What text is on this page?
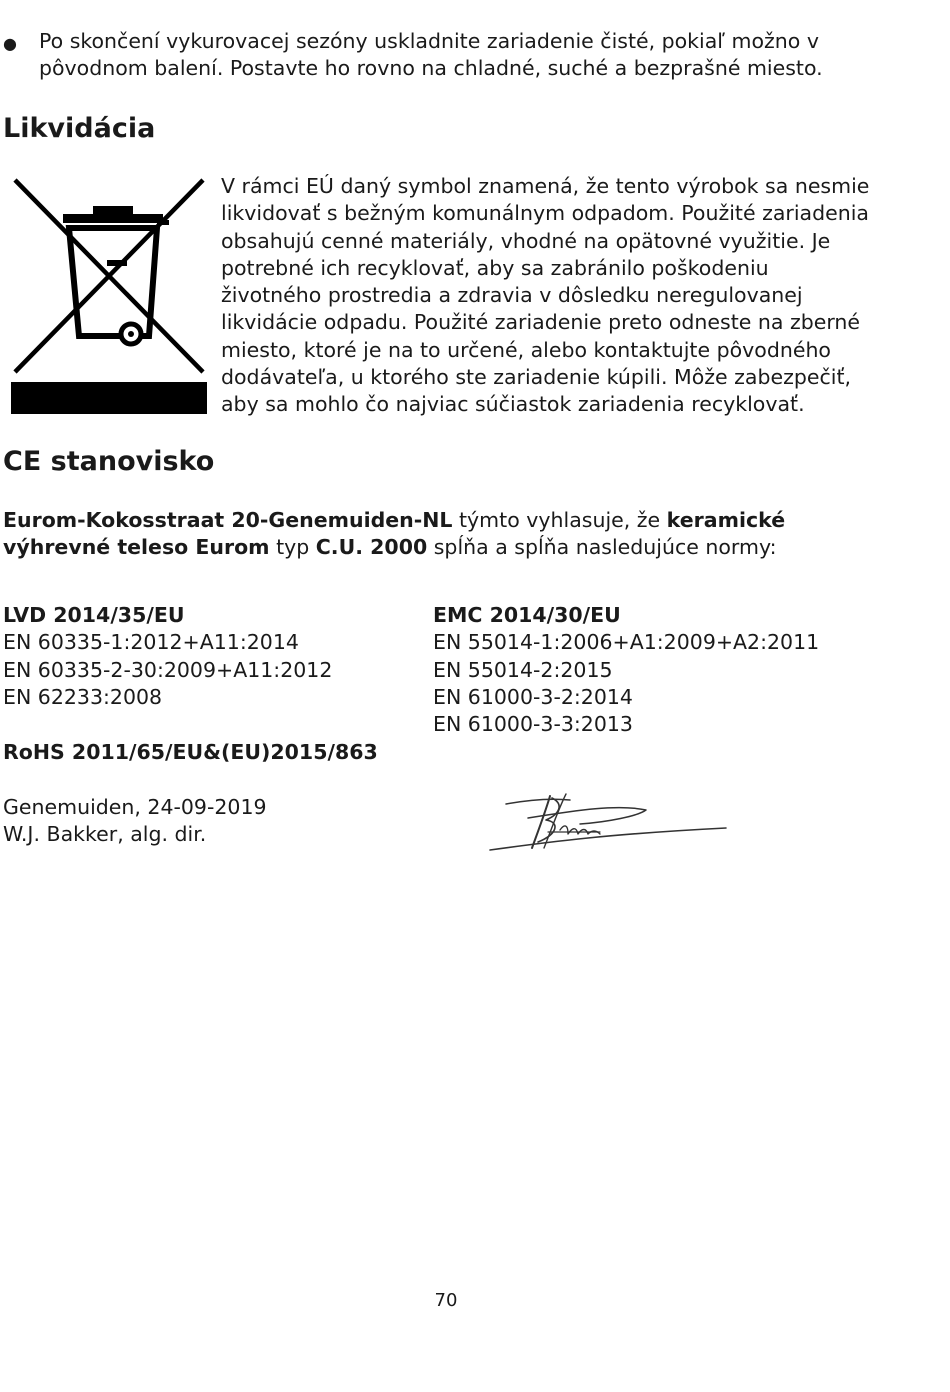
● Po skončení vykurovacej sezóny uskladnite zariadenie čisté, pokiaľ možno v
pôvodnom balení. Postavte ho rovno na chladné, suché a bezprašné miesto.
Likvidácia
V rámci EÚ daný symbol znamená, že tento výrobok sa nesmie
likvidovať s bežným komunálnym odpadom. Použité zariadenia
obsahujú cenné materiály, vhodné na opätovné využitie. Je
potrebné ich recyklovať, aby sa zabránilo poškodeniu
životného prostredia a zdravia v dôsledku neregulovanej
likvidácie odpadu. Použité zariadenie preto odneste na zberné
miesto, ktoré je na to určené, alebo kontaktujte pôvodného
dodávateľa, u ktorého ste zariadenie kúpili. Môže zabezpečiť,
aby sa mohlo čo najviac súčiastok zariadenia recyklovať.
CE stanovisko
Eurom-Kokosstraat 20-Genemuiden-NL týmto vyhlasuje, že keramické
výhrevné teleso Eurom typ C.U. 2000 spĺňa a spĺňa nasledujúce normy:
LVD 2014/35/EU
EN 60335-1:2012+A11:2014
EN 60335-2-30:2009+A11:2012
EN 62233:2008
EMC 2014/30/EU
EN 55014-1:2006+A1:2009+A2:2011
EN 55014-2:2015
EN 61000-3-2:2014
EN 61000-3-3:2013
RoHS 2011/65/EU&(EU)2015/863
Genemuiden, 24-09-2019
W.J. Bakker, alg. dir.
70
